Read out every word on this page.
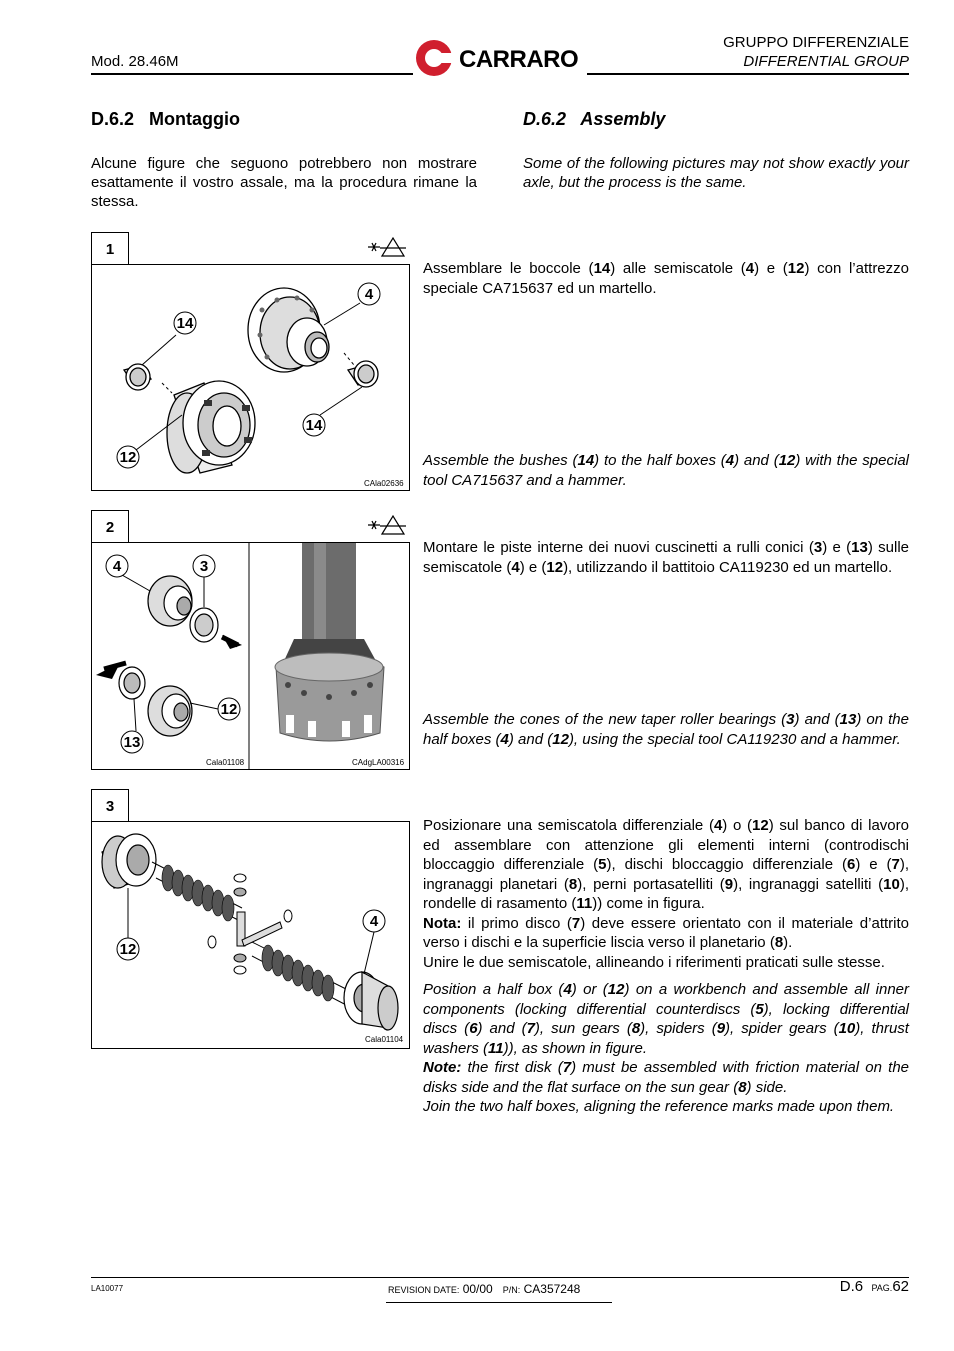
Mod. 28.46M	CARRARO
GRUPPO DIFFERENZIALE
DIFFERENTIAL GROUP
D.6.2 Montaggio	D.6.2 Assembly
Alcune figure che seguono potrebbero non mostrare esattamente il vostro assale, ma la procedura rimane la stessa.
Some of the following pictures may not show exactly your axle, but the process is the same.
1
4
14
14
12
CAla02636
2
4	3
12
13
Cala01108	CAdgLA00316
3
4
12
Cala01104
Assemblare le boccole (14) alle semiscatole (4) e (12) con l’attrezzo speciale CA715637 ed un martello.
Assemble the bushes (14) to the half boxes (4) and (12) with the special tool CA715637 and a hammer.
Montare le piste interne dei nuovi cuscinetti a rulli conici (3) e (13) sulle semiscatole (4) e (12), utilizzando il battitoio CA119230 ed un martello.
Assemble the cones of the new taper roller bearings (3) and (13) on the half boxes (4) and (12), using the special tool CA119230 and a hammer.
Posizionare una semiscatola differenziale (4) o (12) sul banco di lavoro ed assemblare con attenzione gli elementi interni (controdischi bloccaggio differenziale (5), dischi bloccaggio differenziale (6) e (7), ingranaggi planetari (8), perni portasatelliti (9), ingranaggi satelliti (10), rondelle di rasamento (11)) come in figura.
Nota: il primo disco (7) deve essere orientato con il materiale d’attrito verso i dischi e la superficie liscia verso il planetario (8).
Unire le due semiscatole, allineando i riferimenti praticati sulle stesse.
Position a half box (4) or (12) on a workbench and assemble all inner components (locking differential counterdiscs (5), locking differential discs (6) and (7), sun gears (8), spiders (9), spider gears (10), thrust washers (11)), as shown in figure.
Note: the first disk (7) must be assembled with friction material on the disks side and the flat surface on the sun gear (8) side.
Join the two half boxes, aligning the reference marks made upon them.
LA10077	REVISION DATE: 00/00 P/N: CA357248	D.6 PAG.62
